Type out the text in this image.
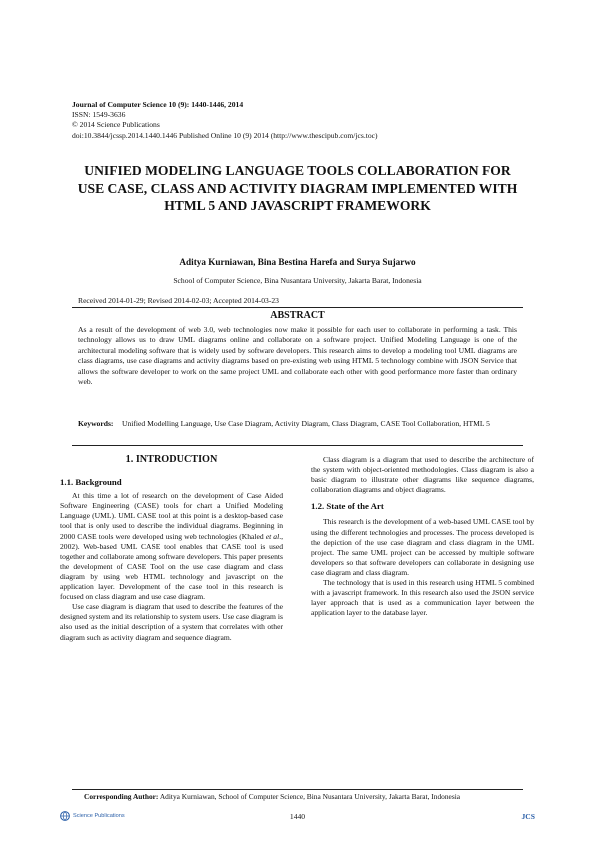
Journal of Computer Science 10 (9): 1440-1446, 2014
ISSN: 1549-3636
© 2014 Science Publications
doi:10.3844/jcssp.2014.1440.1446 Published Online 10 (9) 2014 (http://www.thescipub.com/jcs.toc)
UNIFIED MODELING LANGUAGE TOOLS COLLABORATION FOR USE CASE, CLASS AND ACTIVITY DIAGRAM IMPLEMENTED WITH HTML 5 AND JAVASCRIPT FRAMEWORK

Aditya Kurniawan, Bina Bestina Harefa and Surya Sujarwo

School of Computer Science, Bina Nusantara University, Jakarta Barat, Indonesia

Received 2014-01-29; Revised 2014-02-03; Accepted 2014-03-23
ABSTRACT

As a result of the development of web 3.0, web technologies now make it possible for each user to collaborate in performing a task. This technology allows us to draw UML diagrams online and collaborate on a software project. Unified Modeling Language is one of the architectural modeling software that is widely used by software developers. This research aims to develop a modeling tool UML diagrams are class diagrams, use case diagrams and activity diagrams based on pre-existing web using HTML 5 technology combine with JSON Service that allows the software developer to work on the same project UML and collaborate each other with good performance more faster than ordinary web.

Keywords: Unified Modelling Language, Use Case Diagram, Activity Diagram, Class Diagram, CASE Tool Collaboration, HTML 5
1. INTRODUCTION
1.1. Background

At this time a lot of research on the development of Case Aided Software Engineering (CASE) tools for chart a Unified Modeling Language (UML). UML CASE tool at this point is a desktop-based case tool that is only used to describe the individual diagrams. Beginning in 2000 CASE tools were developed using web technologies (Khaled et al., 2002). Web-based UML CASE tool enables that CASE tool is used together and collaborate among software developers. This paper presents the development of CASE Tool on the use case diagram and class diagram by using web HTML technology and javascript on the application layer. Development of the case tool in this research is focused on class diagram and use case diagram.

Use case diagram is diagram that used to describe the features of the designed system and its relationship to system users. Use case diagram is also used as the initial description of a system that correlates with other diagram such as activity diagram and sequence diagram.

Class diagram is a diagram that used to describe the architecture of the system with object-oriented methodologies. Class diagram is also a basic diagram to illustrate other diagrams like sequence diagrams, collaboration diagrams and object diagrams.

1.2. State of the Art

This research is the development of a web-based UML CASE tool by using the different technologies and processes. The process developed is the depiction of the use case diagram and class diagram in the UML project. The same UML project can be accessed by multiple software developers so that software developers can collaborate in designing use case diagram and class diagram.

The technology that is used in this research using HTML 5 combined with a javascript framework. In this research also used the JSON service layer approach that is used as a communication layer between the application layer to the database layer.

Corresponding Author: Aditya Kurniawan, School of Computer Science, Bina Nusantara University, Jakarta Barat, Indonesia
Science Publications	1440	JCS
